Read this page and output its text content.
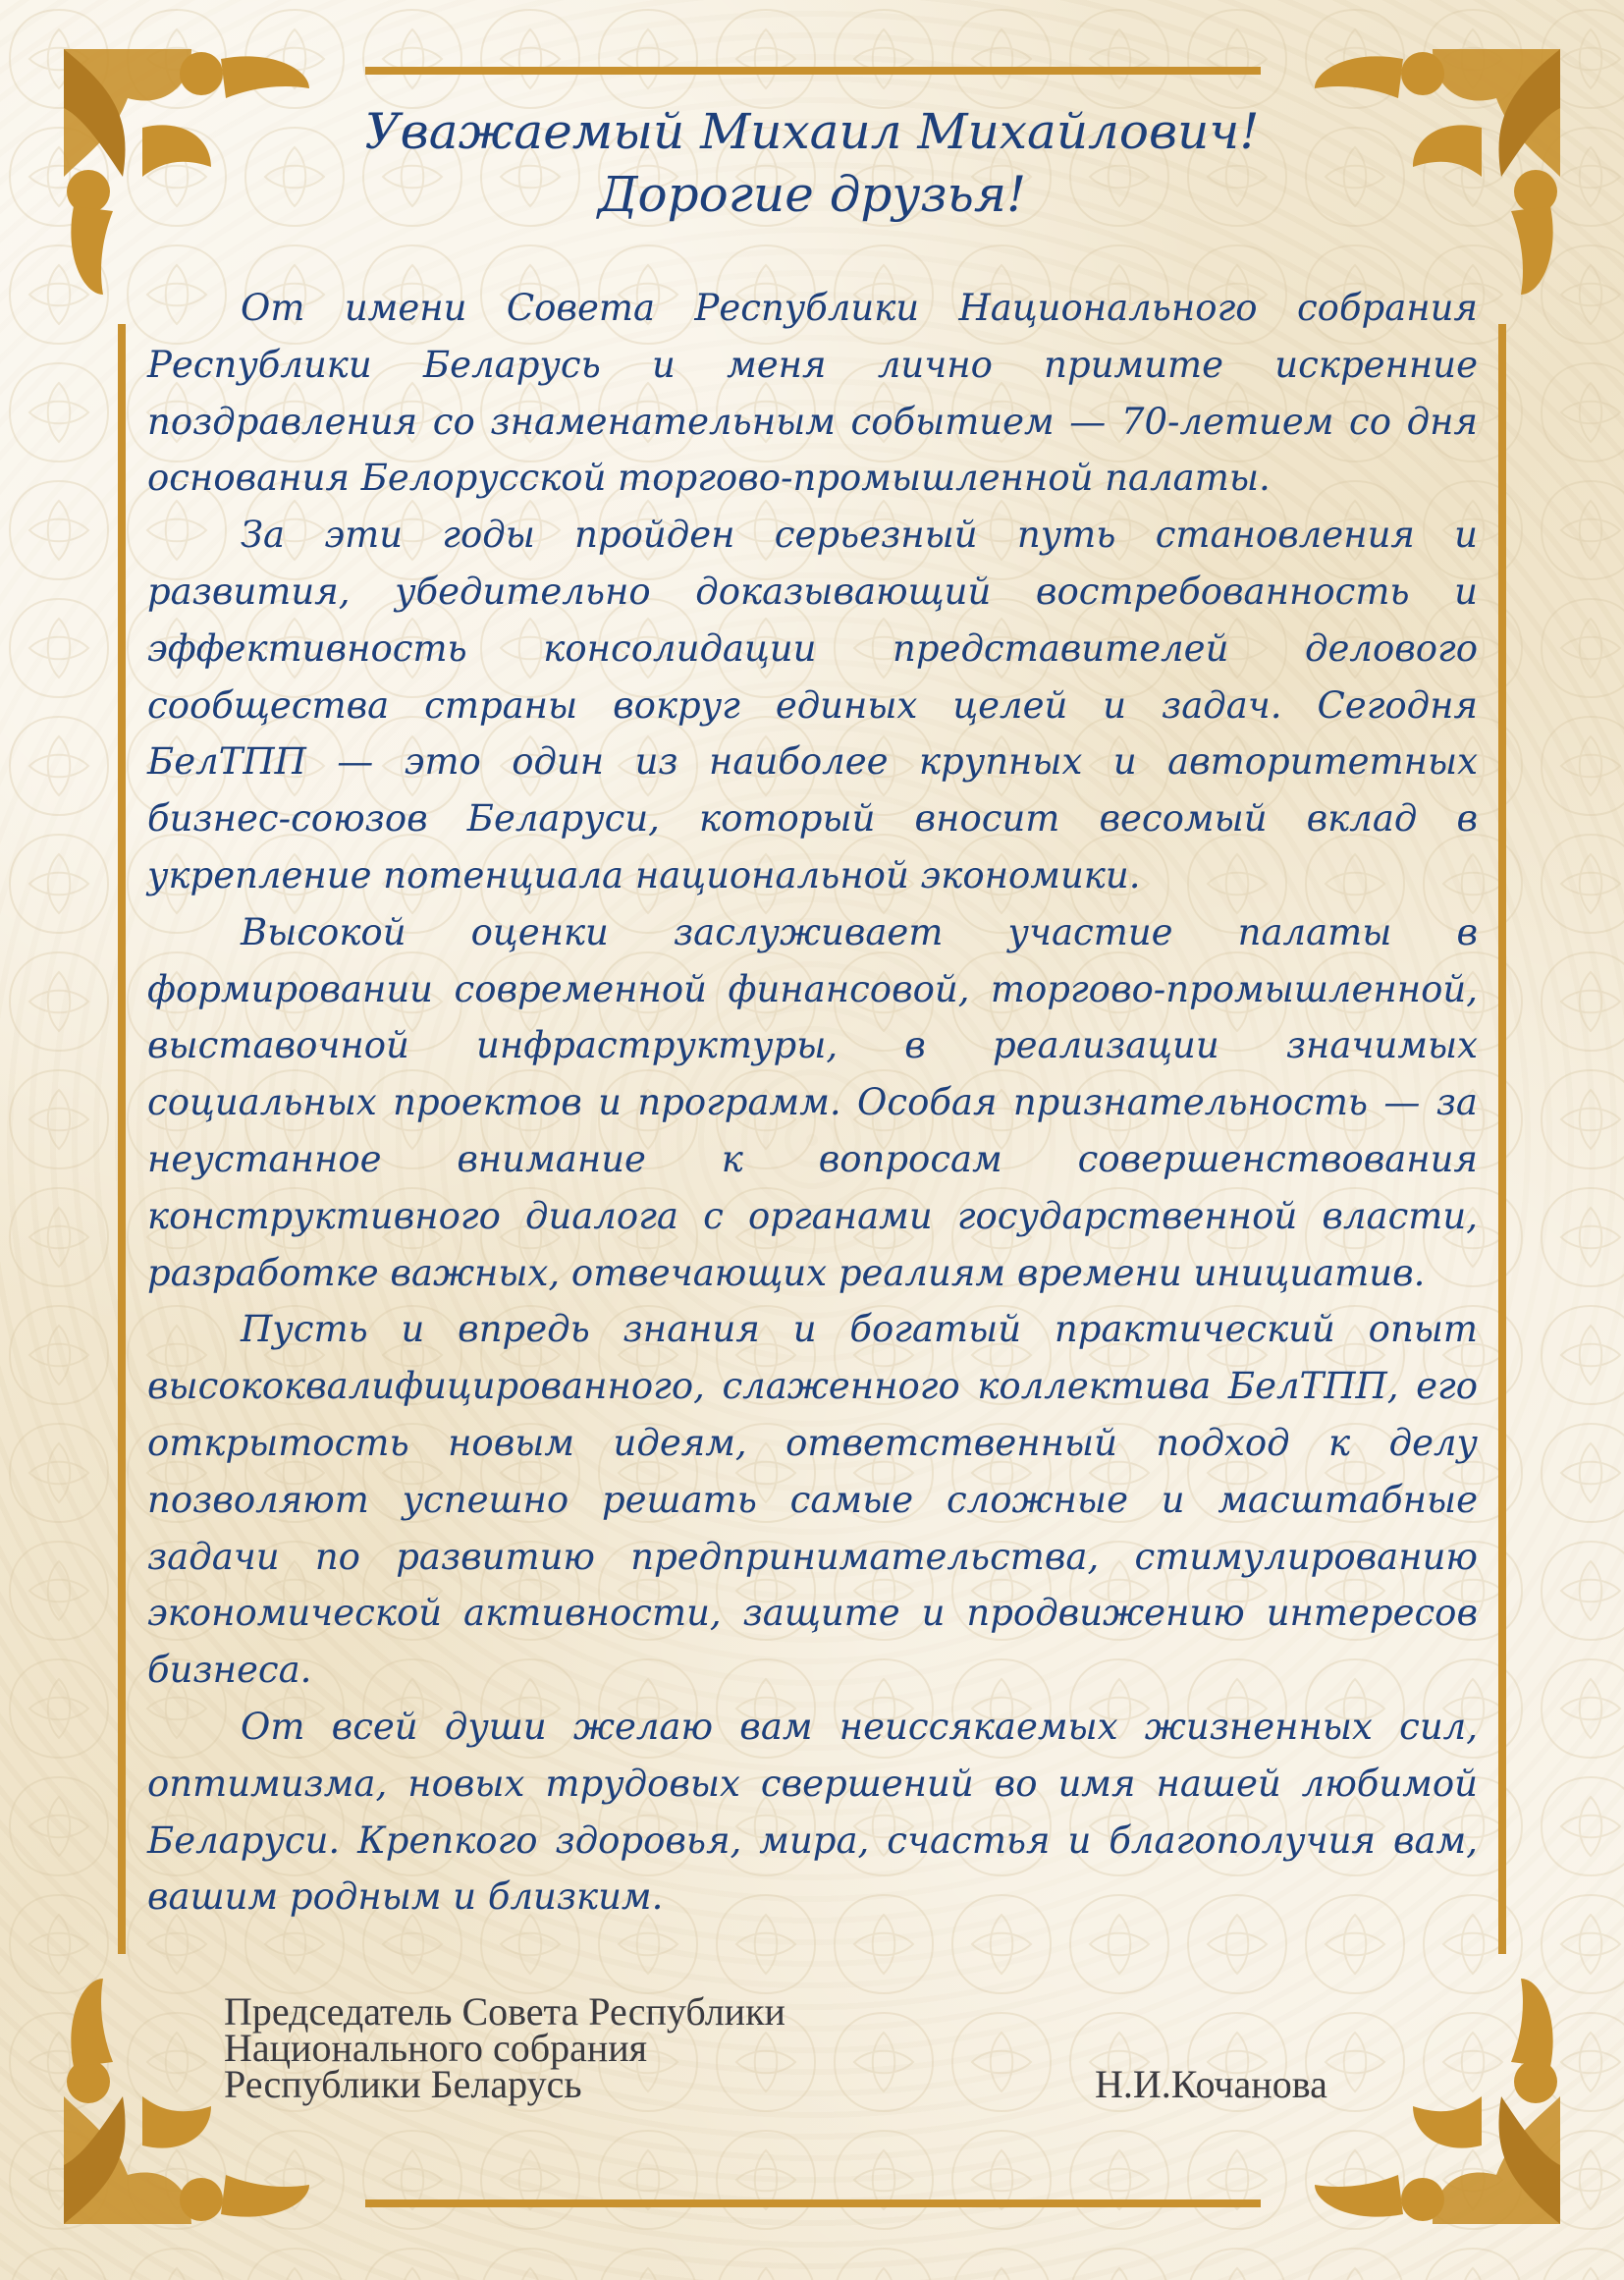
Уважаемый Михаил Михайлович!
Дорогие друзья!

От имени Совета Республики Национального собрания Республики Беларусь и меня лично примите искренние поздравления со знаменательным событием — 70-летием со дня основания Белорусской торгово-промышленной палаты.

За эти годы пройден серьезный путь становления и развития, убедительно доказывающий востребованность и эффективность консолидации представителей делового сообщества страны вокруг единых целей и задач. Сегодня БелТПП — это один из наиболее крупных и авторитетных бизнес-союзов Беларуси, который вносит весомый вклад в укрепление потенциала национальной экономики.

Высокой оценки заслуживает участие палаты в формировании современной финансовой, торгово-промышленной, выставочной инфраструктуры, в реализации значимых социальных проектов и программ. Особая признательность — за неустанное внимание к вопросам совершенствования конструктивного диалога с органами государственной власти, разработке важных, отвечающих реалиям времени инициатив.

Пусть и впредь знания и богатый практический опыт высококвалифицированного, слаженного коллектива БелТПП, его открытость новым идеям, ответственный подход к делу позволяют успешно решать самые сложные и масштабные задачи по развитию предпринимательства, стимулированию экономической активности, защите и продвижению интересов бизнеса.

От всей души желаю вам неиссякаемых жизненных сил, оптимизма, новых трудовых свершений во имя нашей любимой Беларуси. Крепкого здоровья, мира, счастья и благополучия вам, вашим родным и близким.

Председатель Совета Республики
Национального собрания
Республики Беларусь	Н.И.Кочанова
